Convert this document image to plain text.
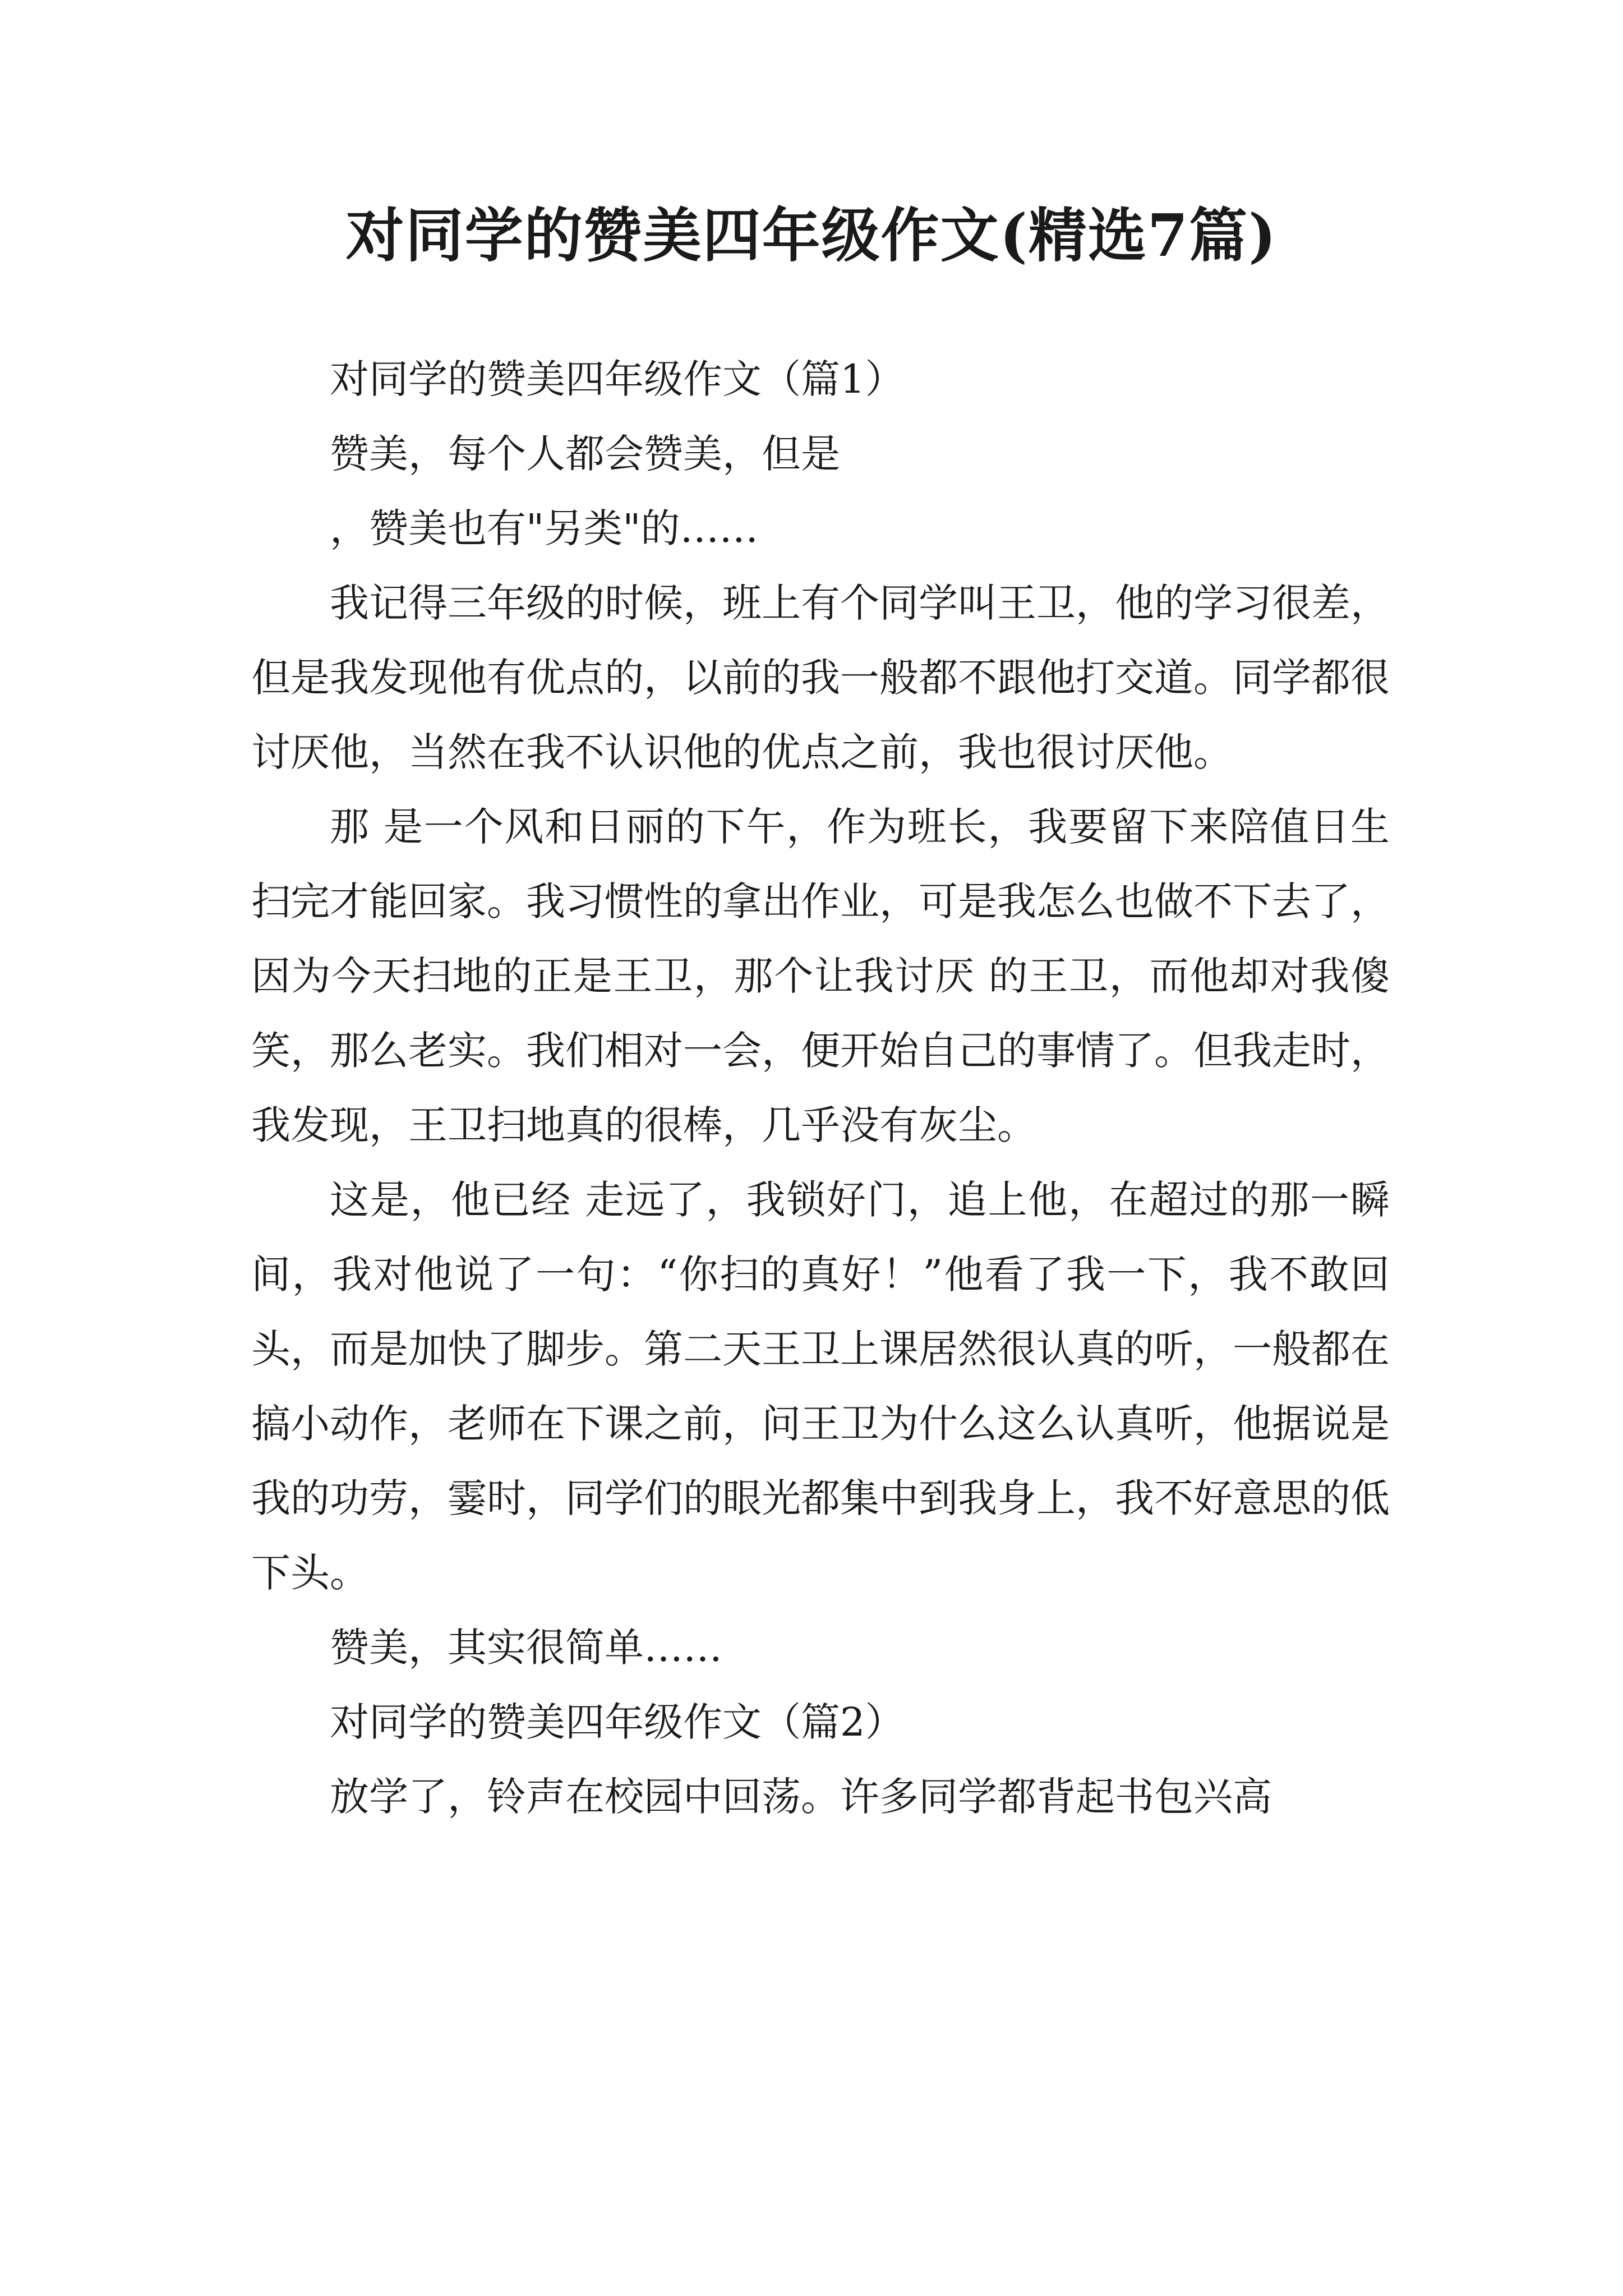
对同学的赞美四年级作文(精选7篇)

对同学的赞美四年级作文（篇1）

赞美，每个人都会赞美，但是

，赞美也有"另类"的……

我记得三年级的时候，班上有个同学叫王卫，他的学习很差，但是我发现他有优点的，以前的我一般都不跟他打交道。同学都很讨厌他，当然在我不认识他的优点之前，我也很讨厌他。

那 是一个风和日丽的下午，作为班长，我要留下来陪值日生扫完才能回家。我习惯性的拿出作业，可是我怎么也做不下去了，因为今天扫地的正是王卫，那个让我讨厌 的王卫，而他却对我傻笑，那么老实。我们相对一会，便开始自己的事情了。但我走时，我发现，王卫扫地真的很棒，几乎没有灰尘。

这是，他已经 走远了，我锁好门，追上他，在超过的那一瞬间，我对他说了一句：“你扫的真好！”他看了我一下，我不敢回头，而是加快了脚步。第二天王卫上课居然很认真的听，一般都在搞小动作，老师在下课之前，问王卫为什么这么认真听，他据说是我的功劳，霎时，同学们的眼光都集中到我身上，我不好意思的低下头。

赞美，其实很简单……

对同学的赞美四年级作文（篇2）

放学了，铃声在校园中回荡。许多同学都背起书包兴高
